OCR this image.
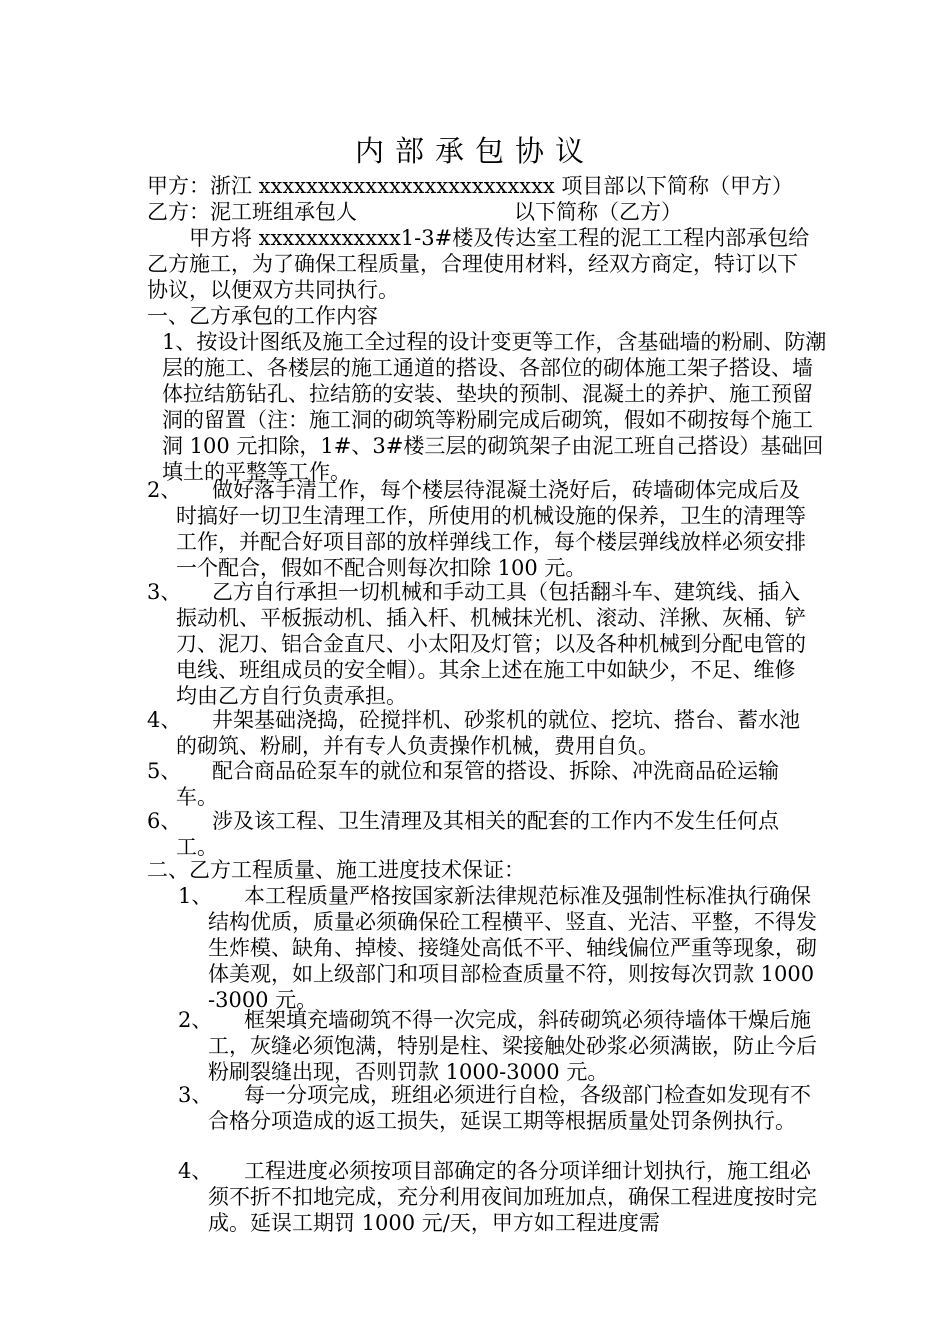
内部承包协议
甲方：浙江 xxxxxxxxxxxxxxxxxxxxxxxxx 项目部 以下简称（甲方）
乙方：泥工班组承包人	以下简称（乙方）
甲方将 xxxxxxxxxxxx1-3#楼及传达室工程的泥工工程内部承包给乙方施工，为了确保工程质量，合理使用材料，经双方商定，特订以下协议，以便双方共同执行。
一、乙方承包的工作内容
1、按设计图纸及施工全过程的设计变更等工作，含基础墙的粉刷、防潮层的施工、各楼层的施工通道的搭设、各部位的砌体施工架子搭设、墙体拉结筋钻孔、拉结筋的安装、垫块的预制、混凝土的养护、施工预留洞的留置（注：施工洞的砌筑等粉刷完成后砌筑，假如不砌按每个施工洞 100 元扣除，1#、3#楼三层的砌筑架子由泥工班自己搭设）基础回填土的平整等工作。
2、	做好落手清工作，每个楼层待混凝土浇好后，砖墙砌体完成后及时搞好一切卫生清理工作，所使用的机械设施的保养，卫生的清理等工作，并配合好项目部的放样弹线工作，每个楼层弹线放样必须安排一个配合，假如不配合则每次扣除 100 元。
3、	乙方自行承担一切机械和手动工具（包括翻斗车、建筑线、插入振动机、平板振动机、插入杆、机械抹光机、滚动、洋揪、灰桶、铲刀、泥刀、铝合金直尺、小太阳及灯管；以及各种机械到分配电管的电线、班组成员的安全帽）。其余上述在施工中如缺少，不足、维修均由乙方自行负责承担。
4、	井架基础浇捣，砼搅拌机、砂浆机的就位、挖坑、搭台、蓄水池的砌筑、粉刷，并有专人负责操作机械，费用自负。
5、	配合商品砼泵车的就位和泵管的搭设、拆除、冲洗商品砼运输车。
6、	涉及该工程、卫生清理及其相关的配套的工作内不发生任何点工。
二、乙方工程质量、施工进度技术保证：
1、	本工程质量严格按国家新法律规范标准及强制性标准执行确保结构优质，质量必须确保砼工程横平、竖直、光洁、平整，不得发生炸模、缺角、掉棱、接缝处高低不平、轴线偏位严重等现象，砌体美观，如上级部门和项目部检查质量不符，则按每次罚款 1000-3000 元。
2、	框架填充墙砌筑不得一次完成，斜砖砌筑必须待墙体干燥后施工，灰缝必须饱满，特别是柱、梁接触处砂浆必须满嵌，防止今后粉刷裂缝出现，否则罚款 1000-3000 元。
3、	每一分项完成，班组必须进行自检，各级部门检查如发现有不合格分项造成的返工损失，延误工期等根据质量处罚条例执行。
4、	工程进度必须按项目部确定的各分项详细计划执行，施工组必须不折不扣地完成，充分利用夜间加班加点，确保工程进度按时完成。延误工期罚 1000 元/天，甲方如工程进度需
